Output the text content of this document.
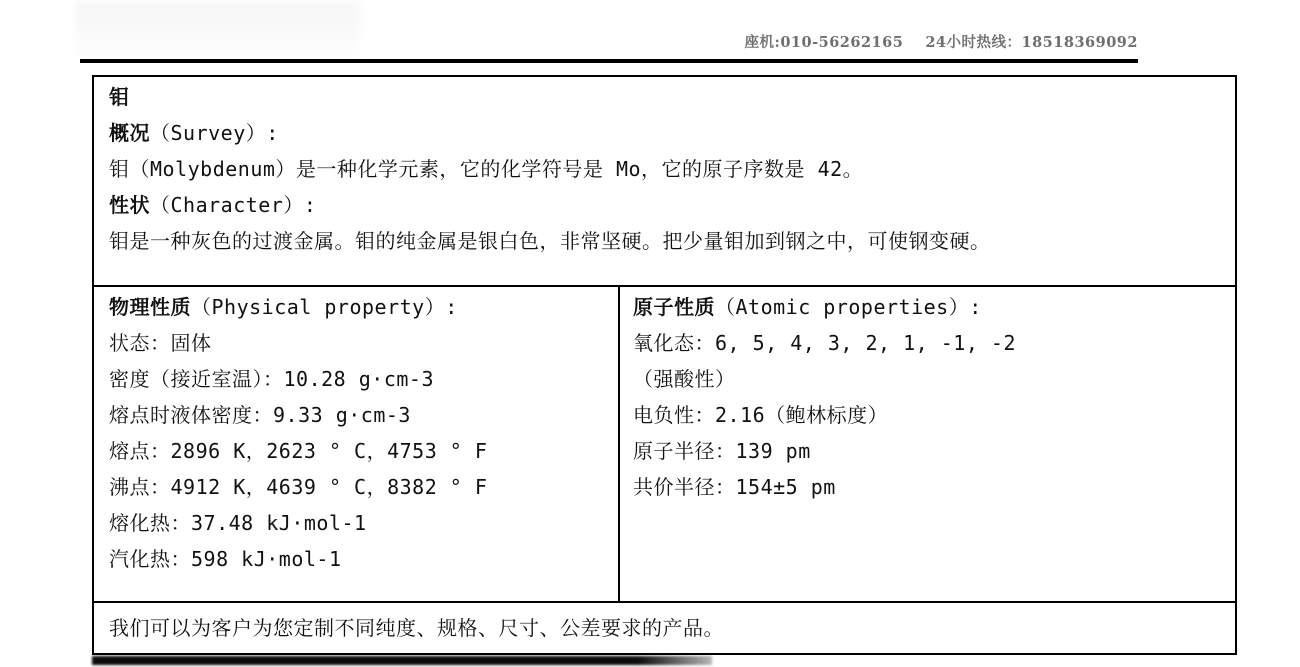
座机:010-56262165 24小时热线：18518369092
钼
概况（Survey）:
钼（Molybdenum）是一种化学元素，它的化学符号是 Mo，它的原子序数是 42。
性状（Character）:
钼是一种灰色的过渡金属。钼的纯金属是银白色，非常坚硬。把少量钼加到钢之中，可使钢变硬。
物理性质（Physical property）:
状态：固体
密度（接近室温）：10.28 g·cm-3
熔点时液体密度：9.33 g·cm-3
熔点：2896 K，2623 ° C，4753 ° F
沸点：4912 K，4639 ° C，8382 ° F
熔化热：37.48 kJ·mol-1
汽化热：598 kJ·mol-1
原子性质（Atomic properties）:
氧化态：6, 5, 4, 3, 2, 1, -1, -2
（强酸性）
电负性：2.16（鲍林标度）
原子半径：139 pm
共价半径：154±5 pm
我们可以为客户为您定制不同纯度、规格、尺寸、公差要求的产品。
